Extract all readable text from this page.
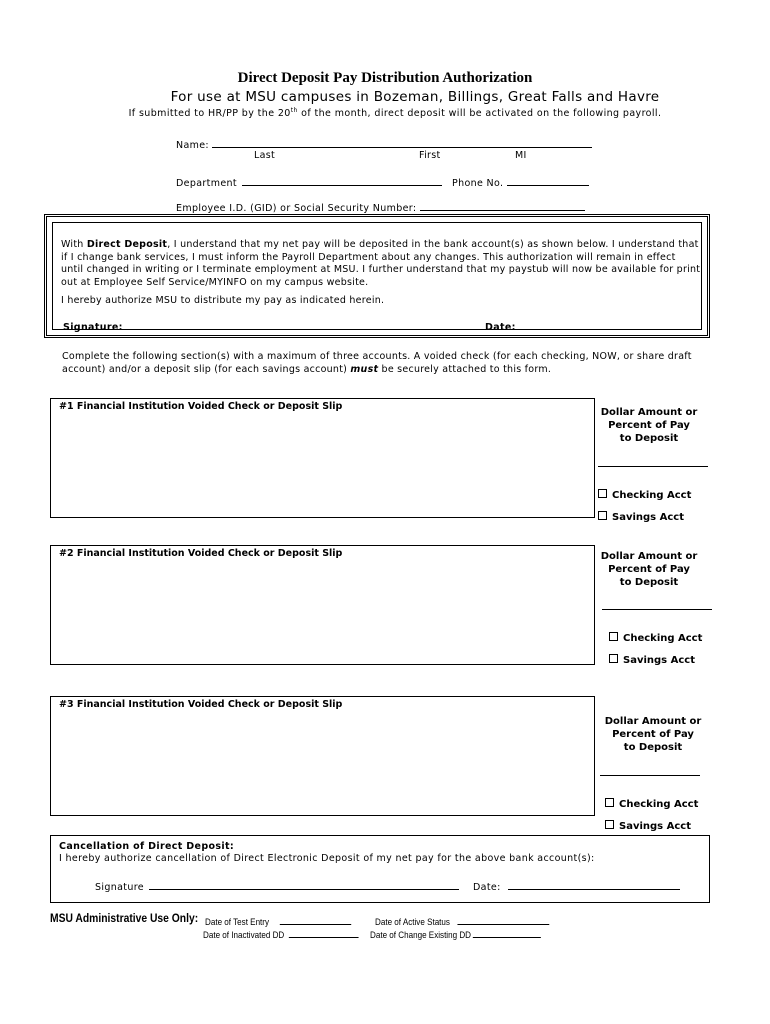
Direct Deposit Pay Distribution Authorization
For use at MSU campuses in Bozeman, Billings, Great Falls and Havre
If submitted to HR/PP by the 20th of the month, direct deposit will be activated on the following payroll.
Name:
Last	First	MI
Department	Phone No.
Employee I.D. (GID) or Social Security Number:

With Direct Deposit, I understand that my net pay will be deposited in the bank account(s) as shown below. I understand that if I change bank services, I must inform the Payroll Department about any changes. This authorization will remain in effect until changed in writing or I terminate employment at MSU. I further understand that my paystub will now be available for print out at Employee Self Service/MYINFO on my campus website.

I hereby authorize MSU to distribute my pay as indicated herein.

Signature:	Date:
Complete the following section(s) with a maximum of three accounts. A voided check (for each checking, NOW, or share draft account) and/or a deposit slip (for each savings account) must be securely attached to this form.
#1 Financial Institution Voided Check or Deposit Slip
Dollar Amount or
Percent of Pay
to Deposit
Checking Acct
Savings Acct
#2 Financial Institution Voided Check or Deposit Slip	Dollar Amount or
Percent of Pay
to Deposit
Checking Acct
Savings Acct
#3 Financial Institution Voided Check or Deposit Slip
Dollar Amount or
Percent of Pay
to Deposit
Checking Acct
Savings Acct
Cancellation of Direct Deposit:
I hereby authorize cancellation of Direct Electronic Deposit of my net pay for the above bank account(s):
Signature	Date:
MSU Administrative Use Only: Date of Test Entry	Date of Active Status
Date of Inactivated DD	Date of Change Existing DD
